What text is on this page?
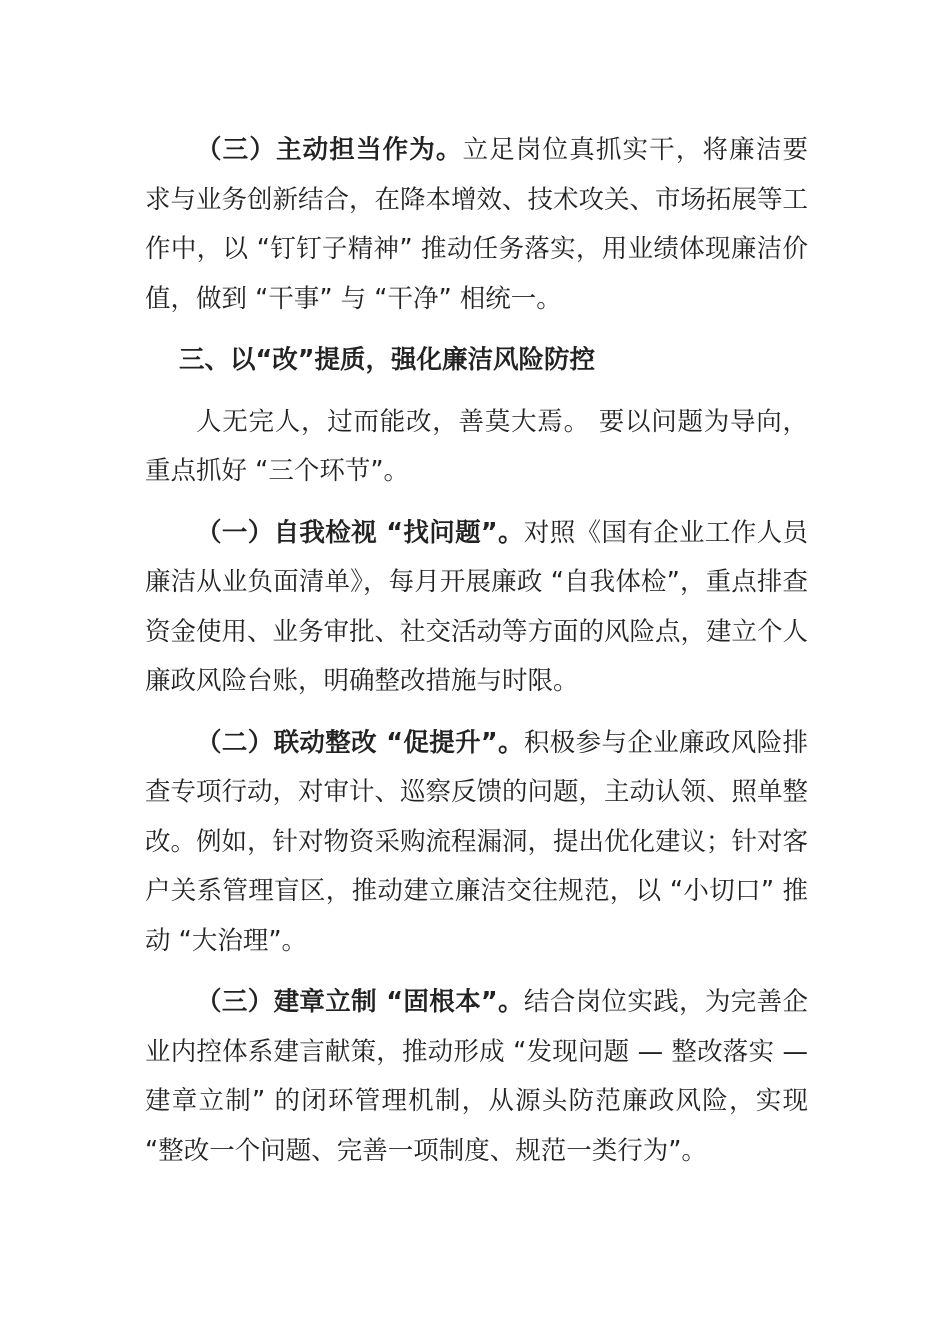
（三）主动担当作为。立足岗位真抓实干，将廉洁要求与业务创新结合，在降本增效、技术攻关、市场拓展等工作中，以 “钉钉子精神” 推动任务落实，用业绩体现廉洁价值，做到 “干事” 与 “干净” 相统一。

三、以“改”提质，强化廉洁风险防控

人无完人，过而能改，善莫大焉。 要以问题为导向，重点抓好 “三个环节”。

（一）自我检视 “找问题”。对照《国有企业工作人员廉洁从业负面清单》，每月开展廉政 “自我体检”，重点排查资金使用、业务审批、社交活动等方面的风险点，建立个人廉政风险台账，明确整改措施与时限。

（二）联动整改 “促提升”。积极参与企业廉政风险排查专项行动，对审计、巡察反馈的问题，主动认领、照单整改。例如，针对物资采购流程漏洞，提出优化建议；针对客户关系管理盲区，推动建立廉洁交往规范，以 “小切口” 推动 “大治理”。

（三）建章立制 “固根本”。结合岗位实践，为完善企业内控体系建言献策，推动形成 “发现问题 — 整改落实 — 建章立制” 的闭环管理机制，从源头防范廉政风险，实现 “整改一个问题、完善一项制度、规范一类行为”。
